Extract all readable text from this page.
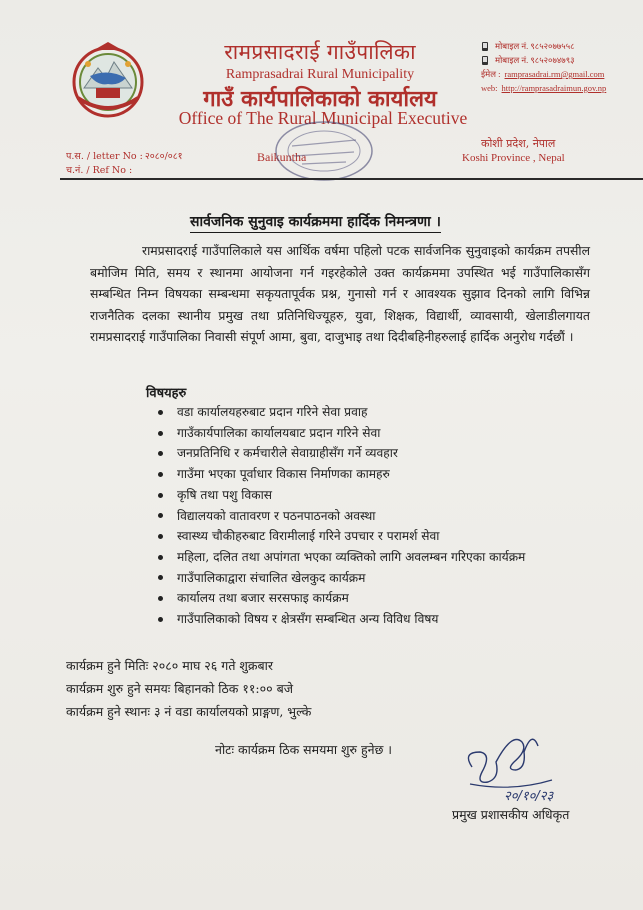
रामप्रसादराई गाउँपालिका
Ramprasadrai Rural Municipality
गाउँ कार्यपालिकाको कार्यालय
Office of The Rural Municipal Executive
मोबाइल नं. ९८५२०७७५५८
मोबाइल नं. ९८५२०७४७९३
ईमेल : ramprasadrai.rm@gmail.com
web: http://ramprasadraimun.gov.np
कोशी प्रदेश, नेपाल
Koshi Province , Nepal
प.स. / letter No : २०८०/०८१
च.नं. / Ref No :
Baikuntha
सार्वजनिक सुनुवाइ कार्यक्रममा हार्दिक निमन्त्रणा ।
रामप्रसादराई गाउँपालिकाले यस आर्थिक वर्षमा पहिलो पटक सार्वजनिक सुनुवाइको कार्यक्रम तपसील बमोजिम मिति, समय र स्थानमा आयोजना गर्न गइरहेकोले उक्त कार्यक्रममा उपस्थित भई गाउँपालिकासँग सम्बन्धित निम्न विषयका सम्बन्धमा सकृयतापूर्वक प्रश्न, गुनासो गर्न र आवश्यक सुझाव दिनको लागि विभिन्न राजनैतिक दलका स्थानीय प्रमुख तथा प्रतिनिधिज्यूहरु, युवा, शिक्षक, विद्यार्थी, व्यावसायी, खेलाडीलगायत रामप्रसादराई गाउँपालिका निवासी संपूर्ण आमा, बुवा, दाजुभाइ तथा दिदीबहिनीहरुलाई हार्दिक अनुरोध गर्दछौं ।
विषयहरु
वडा कार्यालयहरुबाट प्रदान गरिने सेवा प्रवाह
गाउँकार्यपालिका कार्यालयबाट प्रदान गरिने सेवा
जनप्रतिनिधि र कर्मचारीले सेवाग्राहीसँग गर्ने व्यवहार
गाउँमा भएका पूर्वाधार विकास निर्माणका कामहरु
कृषि तथा पशु विकास
विद्यालयको वातावरण र पठनपाठनको अवस्था
स्वास्थ्य चौकीहरुबाट विरामीलाई गरिने उपचार र परामर्श सेवा
महिला, दलित तथा अपांगता भएका व्यक्तिको लागि अवलम्बन गरिएका कार्यक्रम
गाउँपालिकाद्वारा संचालित खेलकुद कार्यक्रम
कार्यालय तथा बजार सरसफाइ कार्यक्रम
गाउँपालिकाको विषय र क्षेत्रसँग सम्बन्धित अन्य विविध विषय
कार्यक्रम हुने मितिः २०८० माघ २६ गते शुक्रबार
कार्यक्रम शुरु हुने समयः बिहानको ठिक ११:०० बजे
कार्यक्रम हुने स्थानः ३ नं वडा कार्यालयको प्राङ्गण, भुल्के
नोटः कार्यक्रम ठिक समयमा शुरु हुनेछ ।
२०/१०/२३
प्रमुख प्रशासकीय अधिकृत
